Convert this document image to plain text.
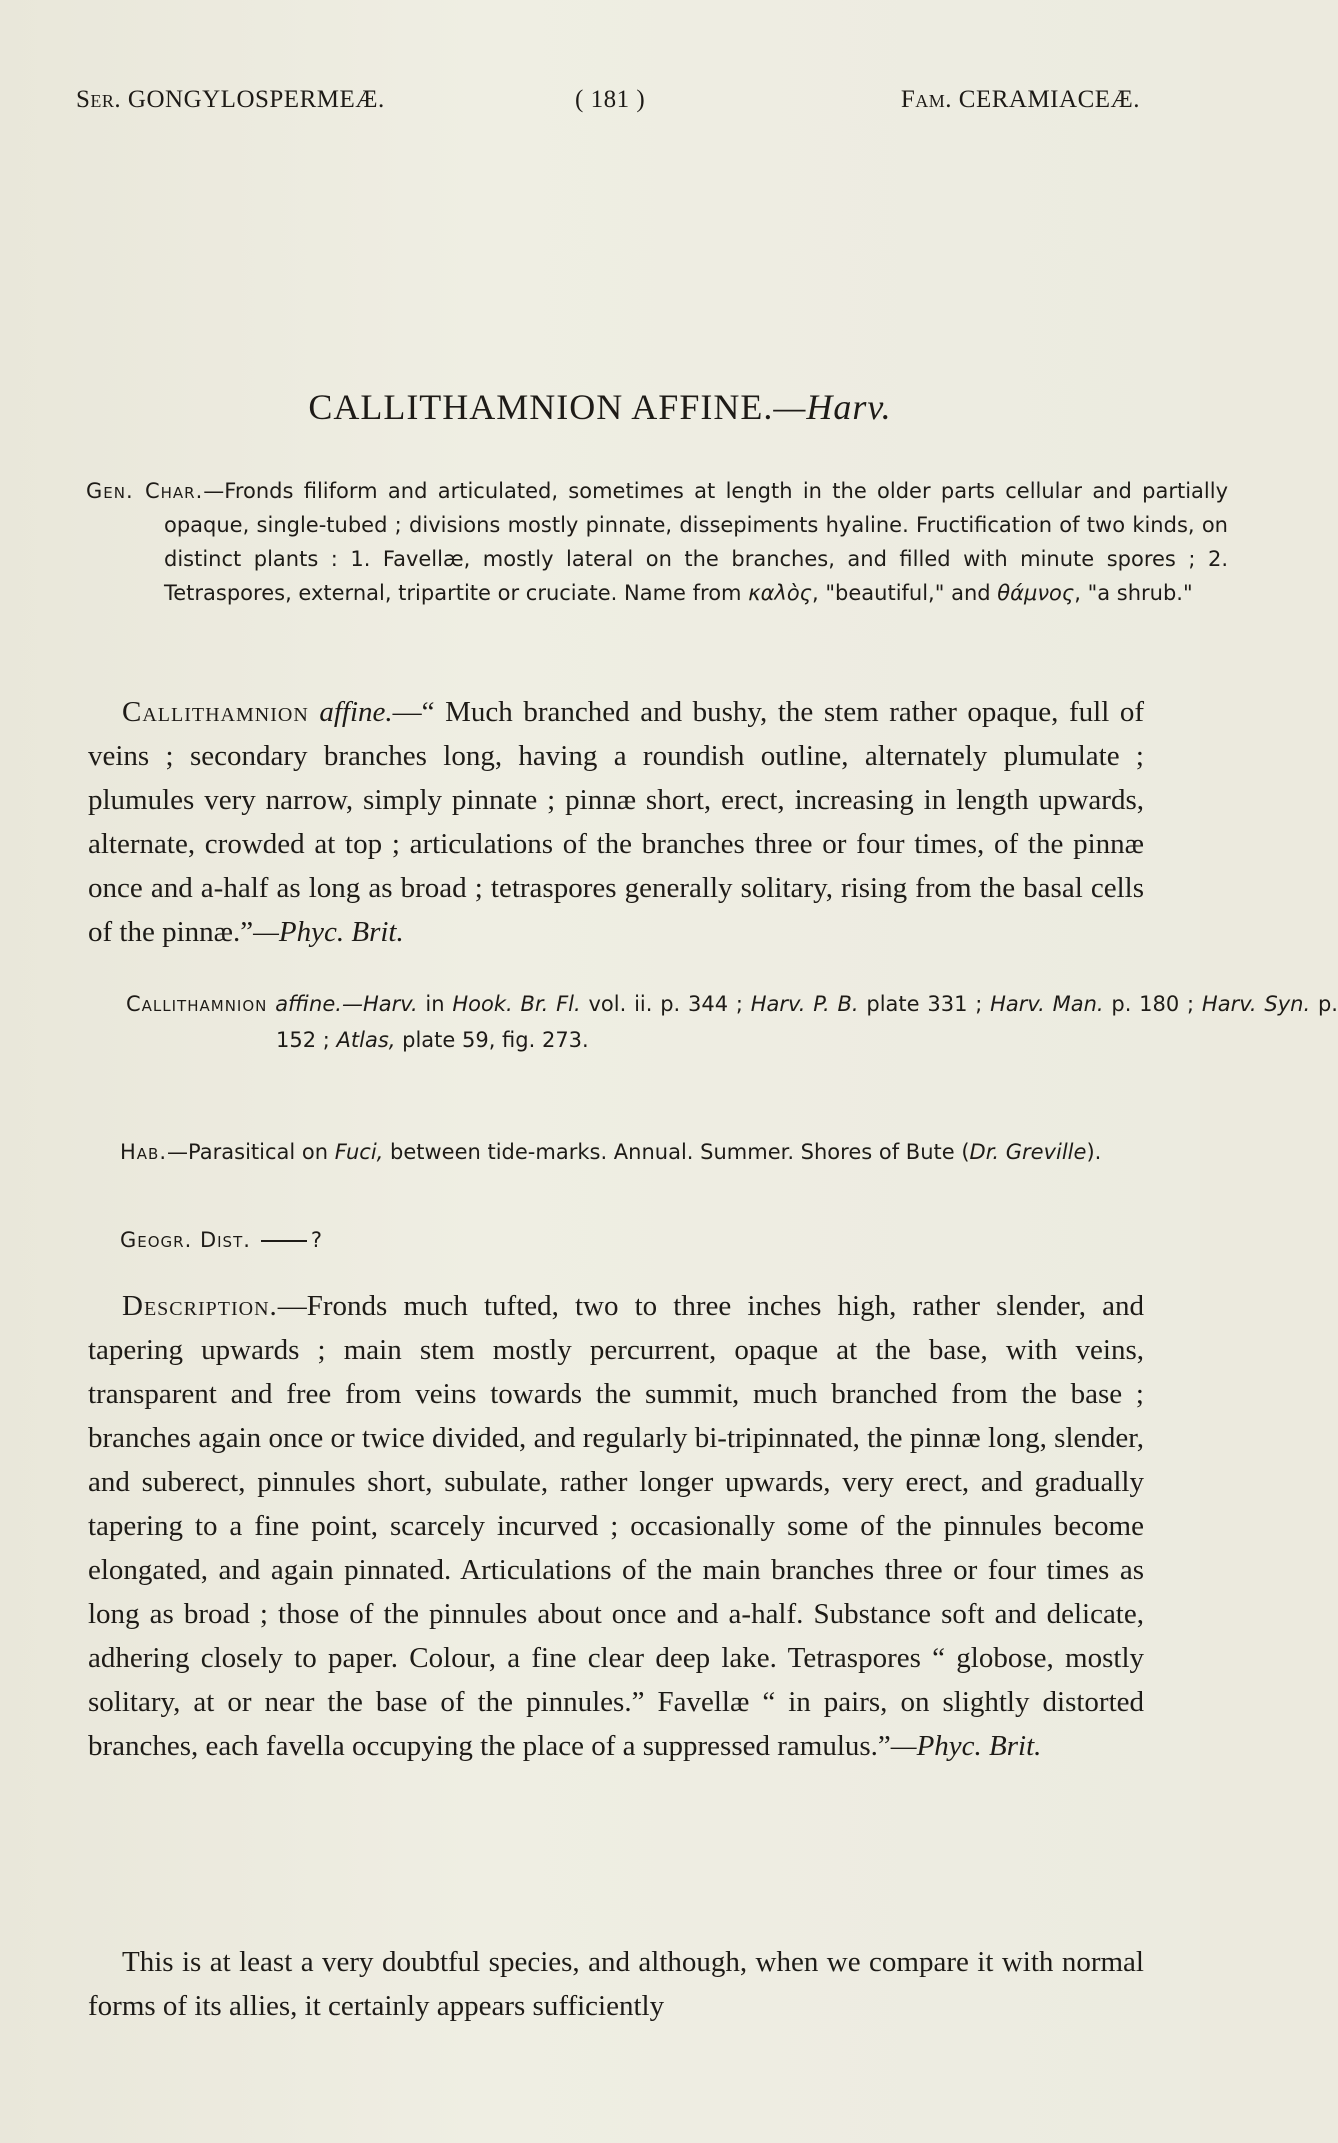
Ser. GONGYLOSPERMEÆ.	( 181 )	Fam. CERAMIACEÆ.
CALLITHAMNION AFFINE.—Harv.
Gen. Char.—Fronds filiform and articulated, sometimes at length in the older parts cellular and partially opaque, single-tubed ; divisions mostly pinnate, dissepiments hyaline. Fructification of two kinds, on distinct plants : 1. Favellæ, mostly lateral on the branches, and filled with minute spores ; 2. Tetraspores, external, tripartite or cruciate. Name from καλὸς, "beautiful," and θάμνος, "a shrub."
Callithamnion affine.—“ Much branched and bushy, the stem rather opaque, full of veins ; secondary branches long, having a roundish outline, alternately plumulate ; plumules very narrow, simply pinnate ; pinnæ short, erect, increasing in length upwards, alternate, crowded at top ; articulations of the branches three or four times, of the pinnæ once and a-half as long as broad ; tetraspores generally solitary, rising from the basal cells of the pinnæ.”—Phyc. Brit.
Callithamnion affine.—Harv. in Hook. Br. Fl. vol. ii. p. 344 ; Harv. P. B. plate 331 ; Harv. Man. p. 180 ; Harv. Syn. p. 152 ; Atlas, plate 59, fig. 273.
Hab.—Parasitical on Fuci, between tide-marks. Annual. Summer. Shores of Bute (Dr. Greville).
Geogr. Dist.	?
Description.—Fronds much tufted, two to three inches high, rather slender, and tapering upwards ; main stem mostly percurrent, opaque at the base, with veins, transparent and free from veins towards the summit, much branched from the base ; branches again once or twice divided, and regularly bi-tripinnated, the pinnæ long, slender, and suberect, pinnules short, subulate, rather longer upwards, very erect, and gradually tapering to a fine point, scarcely incurved ; occasionally some of the pinnules become elongated, and again pinnated. Articulations of the main branches three or four times as long as broad ; those of the pinnules about once and a-half. Substance soft and delicate, adhering closely to paper. Colour, a fine clear deep lake. Tetraspores “ globose, mostly solitary, at or near the base of the pinnules.” Favellæ “ in pairs, on slightly distorted branches, each favella occupying the place of a suppressed ramulus.”—Phyc. Brit.
This is at least a very doubtful species, and although, when we compare it with normal forms of its allies, it certainly appears sufficiently
